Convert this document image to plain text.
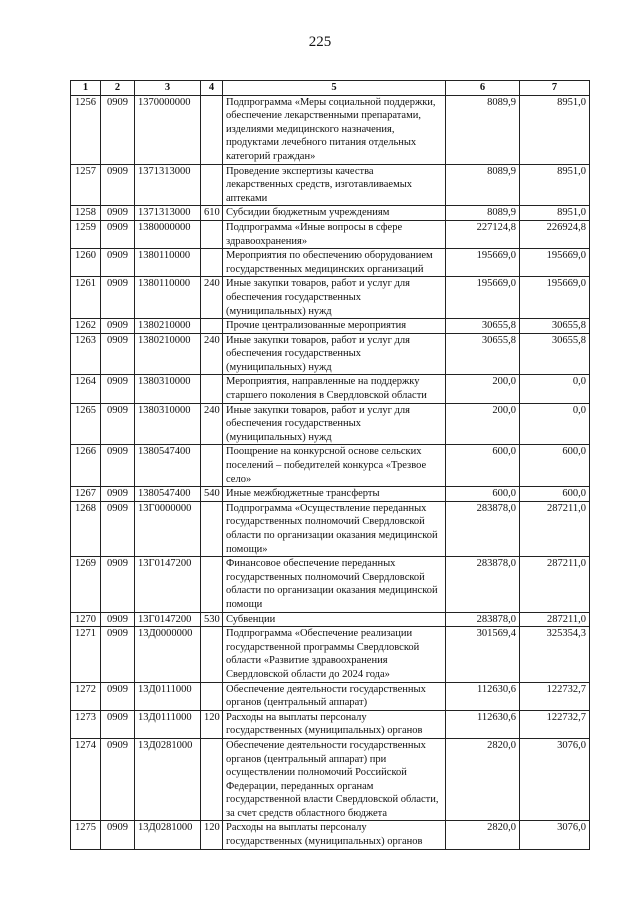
225
1	2	3	4	5	6	7
1256	0909	1370000000		Подпрограмма «Меры социальной поддержки, обеспечение лекарственными препаратами, изделиями медицинского назначения, продуктами лечебного питания отдельных категорий граждан»	8089,9	8951,0
1257	0909	1371313000		Проведение экспертизы качества лекарственных средств, изготавливаемых аптеками	8089,9	8951,0
1258	0909	1371313000	610	Субсидии бюджетным учреждениям	8089,9	8951,0
1259	0909	1380000000		Подпрограмма «Иные вопросы в сфере здравоохранения»	227124,8	226924,8
1260	0909	1380110000		Мероприятия по обеспечению оборудованием государственных медицинских организаций	195669,0	195669,0
1261	0909	1380110000	240	Иные закупки товаров, работ и услуг для обеспечения государственных (муниципальных) нужд	195669,0	195669,0
1262	0909	1380210000		Прочие централизованные мероприятия	30655,8	30655,8
1263	0909	1380210000	240	Иные закупки товаров, работ и услуг для обеспечения государственных (муниципальных) нужд	30655,8	30655,8
1264	0909	1380310000		Мероприятия, направленные на поддержку старшего поколения в Свердловской области	200,0	0,0
1265	0909	1380310000	240	Иные закупки товаров, работ и услуг для обеспечения государственных (муниципальных) нужд	200,0	0,0
1266	0909	1380547400		Поощрение на конкурсной основе сельских поселений – победителей конкурса «Трезвое село»	600,0	600,0
1267	0909	1380547400	540	Иные межбюджетные трансферты	600,0	600,0
1268	0909	13Г0000000		Подпрограмма «Осуществление переданных государственных полномочий Свердловской области по организации оказания медицинской помощи»	283878,0	287211,0
1269	0909	13Г0147200		Финансовое обеспечение переданных государственных полномочий Свердловской области по организации оказания медицинской помощи	283878,0	287211,0
1270	0909	13Г0147200	530	Субвенции	283878,0	287211,0
1271	0909	13Д0000000		Подпрограмма «Обеспечение реализации государственной программы Свердловской области «Развитие здравоохранения Свердловской области до 2024 года»	301569,4	325354,3
1272	0909	13Д0111000		Обеспечение деятельности государственных органов (центральный аппарат)	112630,6	122732,7
1273	0909	13Д0111000	120	Расходы на выплаты персоналу государственных (муниципальных) органов	112630,6	122732,7
1274	0909	13Д0281000		Обеспечение деятельности государственных органов (центральный аппарат) при осуществлении полномочий Российской Федерации, переданных органам государственной власти Свердловской области, за счет средств областного бюджета	2820,0	3076,0
1275	0909	13Д0281000	120	Расходы на выплаты персоналу государственных (муниципальных) органов	2820,0	3076,0
